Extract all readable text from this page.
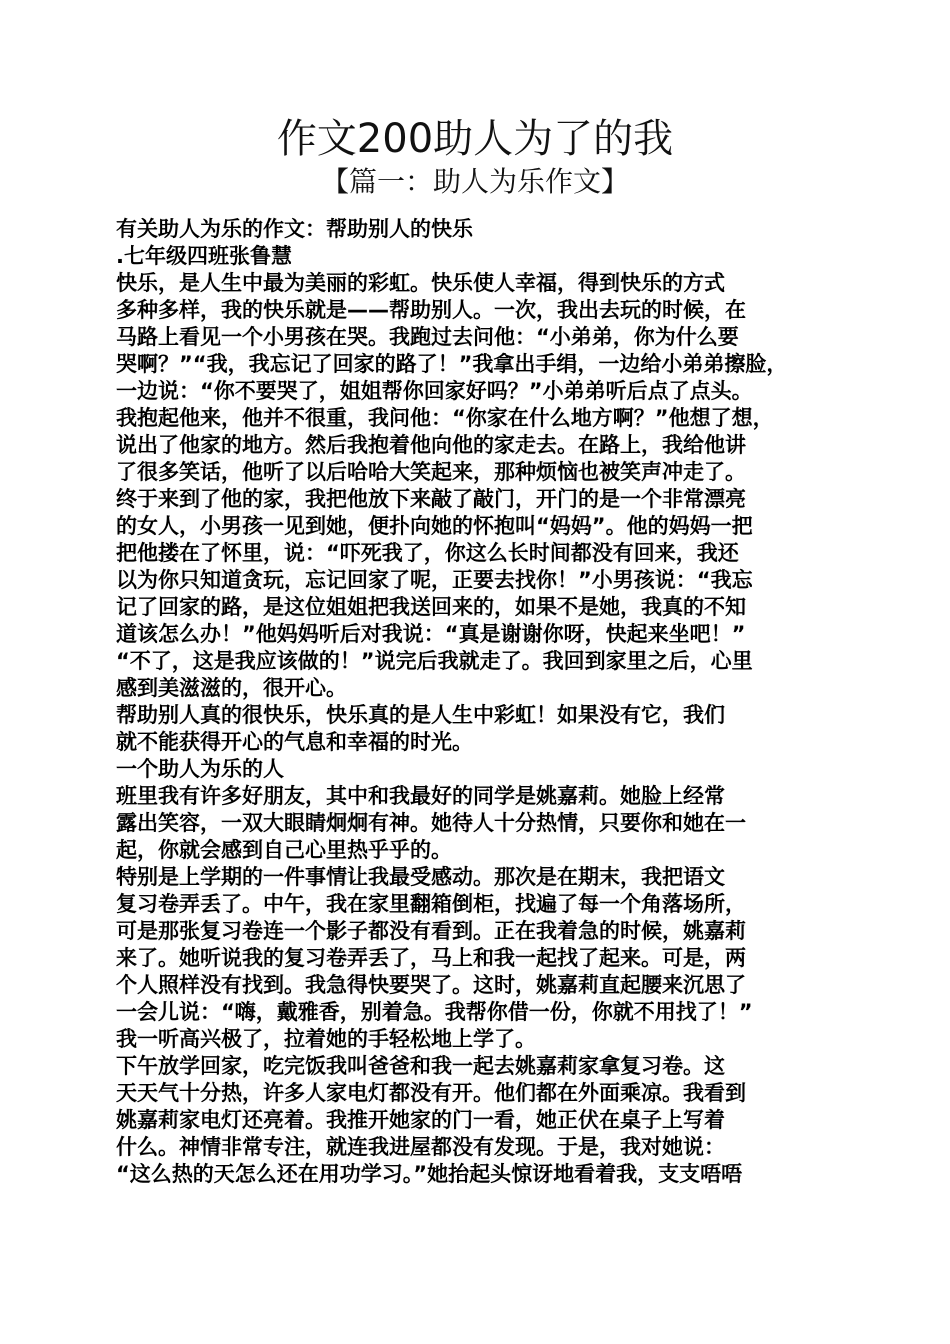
作文200助人为了的我
【篇一：助人为乐作文】
有关助人为乐的作文：帮助别人的快乐
.七年级四班张鲁慧
快乐，是人生中最为美丽的彩虹。快乐使人幸福，得到快乐的方式
多种多样，我的快乐就是——帮助别人。一次，我出去玩的时候，在
马路上看见一个小男孩在哭。我跑过去问他：“小弟弟，你为什么要
哭啊？”“我，我忘记了回家的路了！”我拿出手绢，一边给小弟弟擦脸，
一边说：“你不要哭了，姐姐帮你回家好吗？”小弟弟听后点了点头。
我抱起他来，他并不很重，我问他：“你家在什么地方啊？”他想了想，
说出了他家的地方。然后我抱着他向他的家走去。在路上，我给他讲
了很多笑话，他听了以后哈哈大笑起来，那种烦恼也被笑声冲走了。
终于来到了他的家，我把他放下来敲了敲门，开门的是一个非常漂亮
的女人，小男孩一见到她，便扑向她的怀抱叫“妈妈”。他的妈妈一把
把他搂在了怀里，说：“吓死我了，你这么长时间都没有回来，我还
以为你只知道贪玩，忘记回家了呢，正要去找你！”小男孩说：“我忘
记了回家的路，是这位姐姐把我送回来的，如果不是她，我真的不知
道该怎么办！”他妈妈听后对我说：“真是谢谢你呀，快起来坐吧！”
“不了，这是我应该做的！”说完后我就走了。我回到家里之后，心里
感到美滋滋的，很开心。
帮助别人真的很快乐，快乐真的是人生中彩虹！如果没有它，我们
就不能获得开心的气息和幸福的时光。
一个助人为乐的人
班里我有许多好朋友，其中和我最好的同学是姚嘉莉。她脸上经常
露出笑容，一双大眼睛炯炯有神。她待人十分热情，只要你和她在一
起，你就会感到自己心里热乎乎的。
特别是上学期的一件事情让我最受感动。那次是在期末，我把语文
复习卷弄丢了。中午，我在家里翻箱倒柜，找遍了每一个角落场所，
可是那张复习卷连一个影子都没有看到。正在我着急的时候，姚嘉莉
来了。她听说我的复习卷弄丢了，马上和我一起找了起来。可是，两
个人照样没有找到。我急得快要哭了。这时，姚嘉莉直起腰来沉思了
一会儿说：“嗨，戴雅香，别着急。我帮你借一份，你就不用找了！”
我一听高兴极了，拉着她的手轻松地上学了。
下午放学回家，吃完饭我叫爸爸和我一起去姚嘉莉家拿复习卷。这
天天气十分热，许多人家电灯都没有开。他们都在外面乘凉。我看到
姚嘉莉家电灯还亮着。我推开她家的门一看，她正伏在桌子上写着
什么。神情非常专注，就连我进屋都没有发现。于是，我对她说：
“这么热的天怎么还在用功学习。”她抬起头惊讶地看着我，支支唔唔
